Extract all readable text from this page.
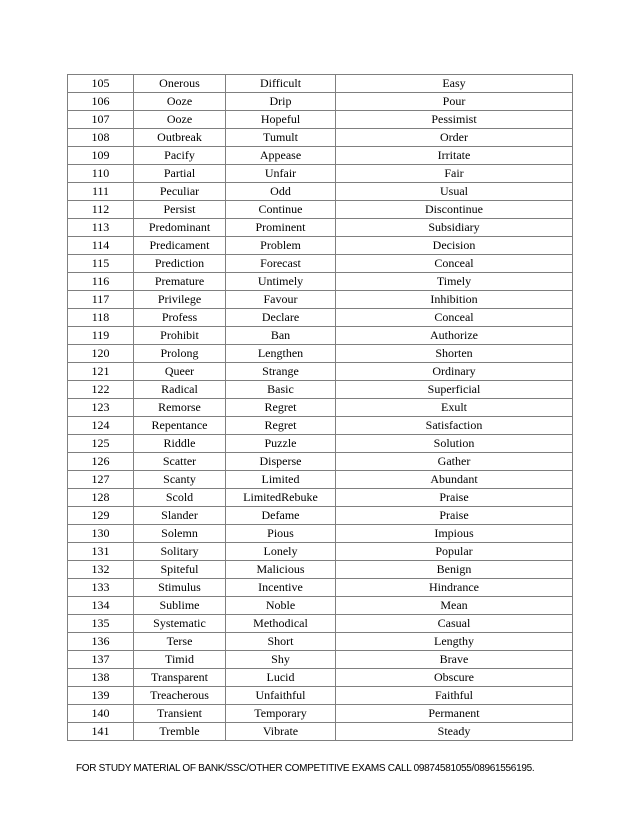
105	Onerous	Difficult	Easy
106	Ooze	Drip	Pour
107	Ooze	Hopeful	Pessimist
108	Outbreak	Tumult	Order
109	Pacify	Appease	Irritate
110	Partial	Unfair	Fair
111	Peculiar	Odd	Usual
112	Persist	Continue	Discontinue
113	Predominant	Prominent	Subsidiary
114	Predicament	Problem	Decision
115	Prediction	Forecast	Conceal
116	Premature	Untimely	Timely
117	Privilege	Favour	Inhibition
118	Profess	Declare	Conceal
119	Prohibit	Ban	Authorize
120	Prolong	Lengthen	Shorten
121	Queer	Strange	Ordinary
122	Radical	Basic	Superficial
123	Remorse	Regret	Exult
124	Repentance	Regret	Satisfaction
125	Riddle	Puzzle	Solution
126	Scatter	Disperse	Gather
127	Scanty	Limited	Abundant
128	Scold	LimitedRebuke	Praise
129	Slander	Defame	Praise
130	Solemn	Pious	Impious
131	Solitary	Lonely	Popular
132	Spiteful	Malicious	Benign
133	Stimulus	Incentive	Hindrance
134	Sublime	Noble	Mean
135	Systematic	Methodical	Casual
136	Terse	Short	Lengthy
137	Timid	Shy	Brave
138	Transparent	Lucid	Obscure
139	Treacherous	Unfaithful	Faithful
140	Transient	Temporary	Permanent
141	Tremble	Vibrate	Steady
FOR STUDY MATERIAL OF BANK/SSC/OTHER COMPETITIVE EXAMS CALL 09874581055/08961556195.
